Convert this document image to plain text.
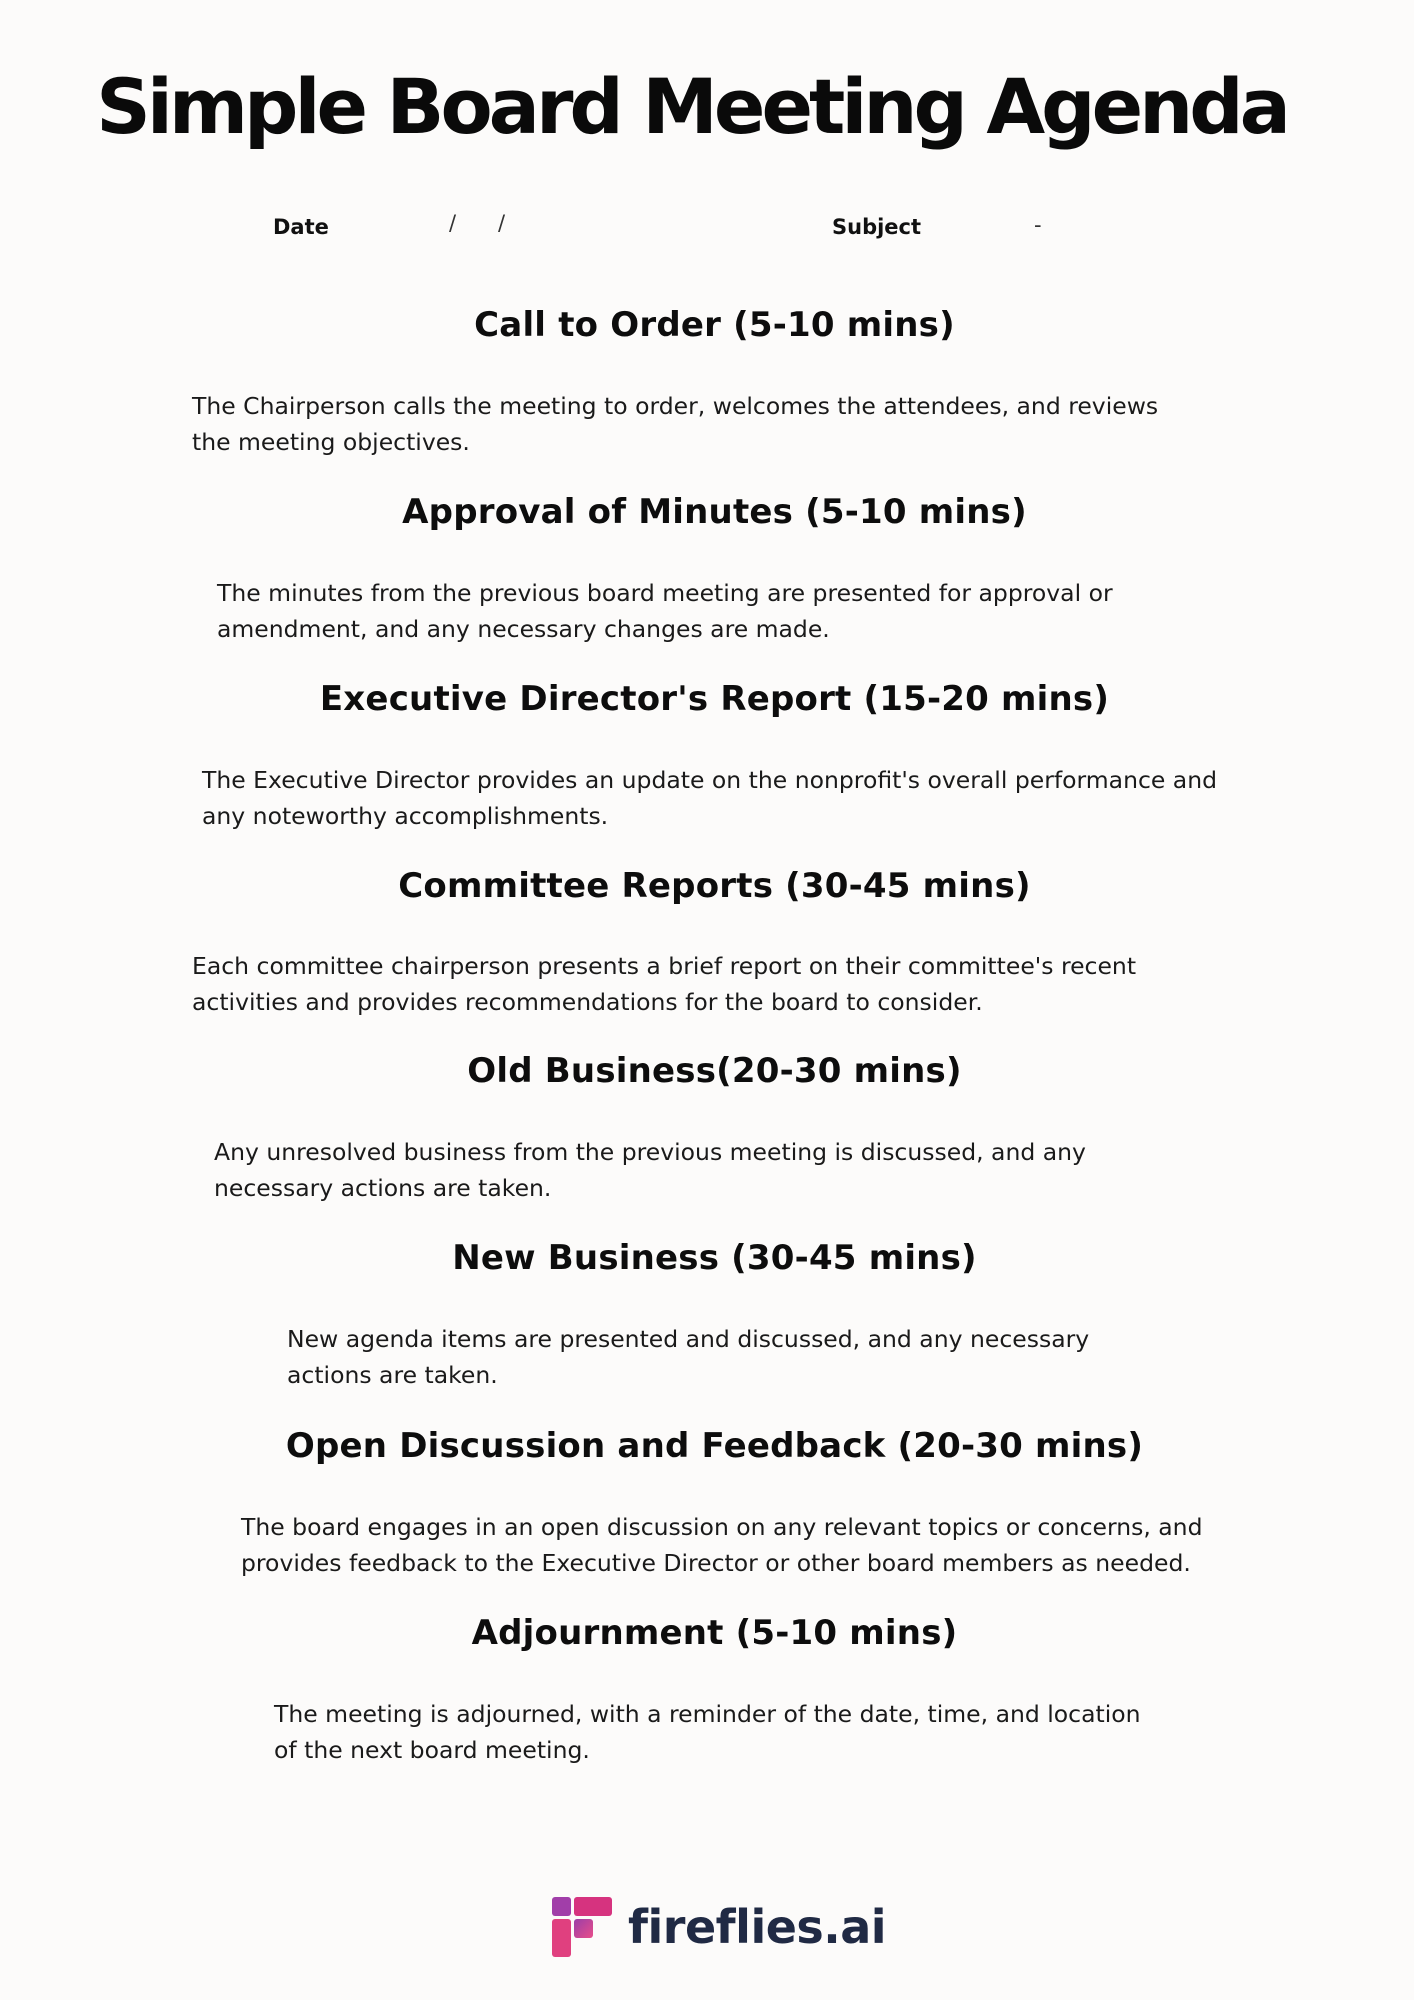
Simple Board Meeting Agenda
Date	/ /	Subject	-
Call to Order (5-10 mins)

The Chairperson calls the meeting to order, welcomes the attendees, and reviews the meeting objectives.

Approval of Minutes (5-10 mins)

The minutes from the previous board meeting are presented for approval or amendment, and any necessary changes are made.

Executive Director's Report (15-20 mins)

The Executive Director provides an update on the nonprofit's overall performance and any noteworthy accomplishments.

Committee Reports (30-45 mins)

Each committee chairperson presents a brief report on their committee's recent activities and provides recommendations for the board to consider.

Old Business(20-30 mins)

Any unresolved business from the previous meeting is discussed, and any necessary actions are taken.

New Business (30-45 mins)

New agenda items are presented and discussed, and any necessary actions are taken.

Open Discussion and Feedback (20-30 mins)

The board engages in an open discussion on any relevant topics or concerns, and provides feedback to the Executive Director or other board members as needed.

Adjournment (5-10 mins)

The meeting is adjourned, with a reminder of the date, time, and location of the next board meeting.

fireflies.ai
